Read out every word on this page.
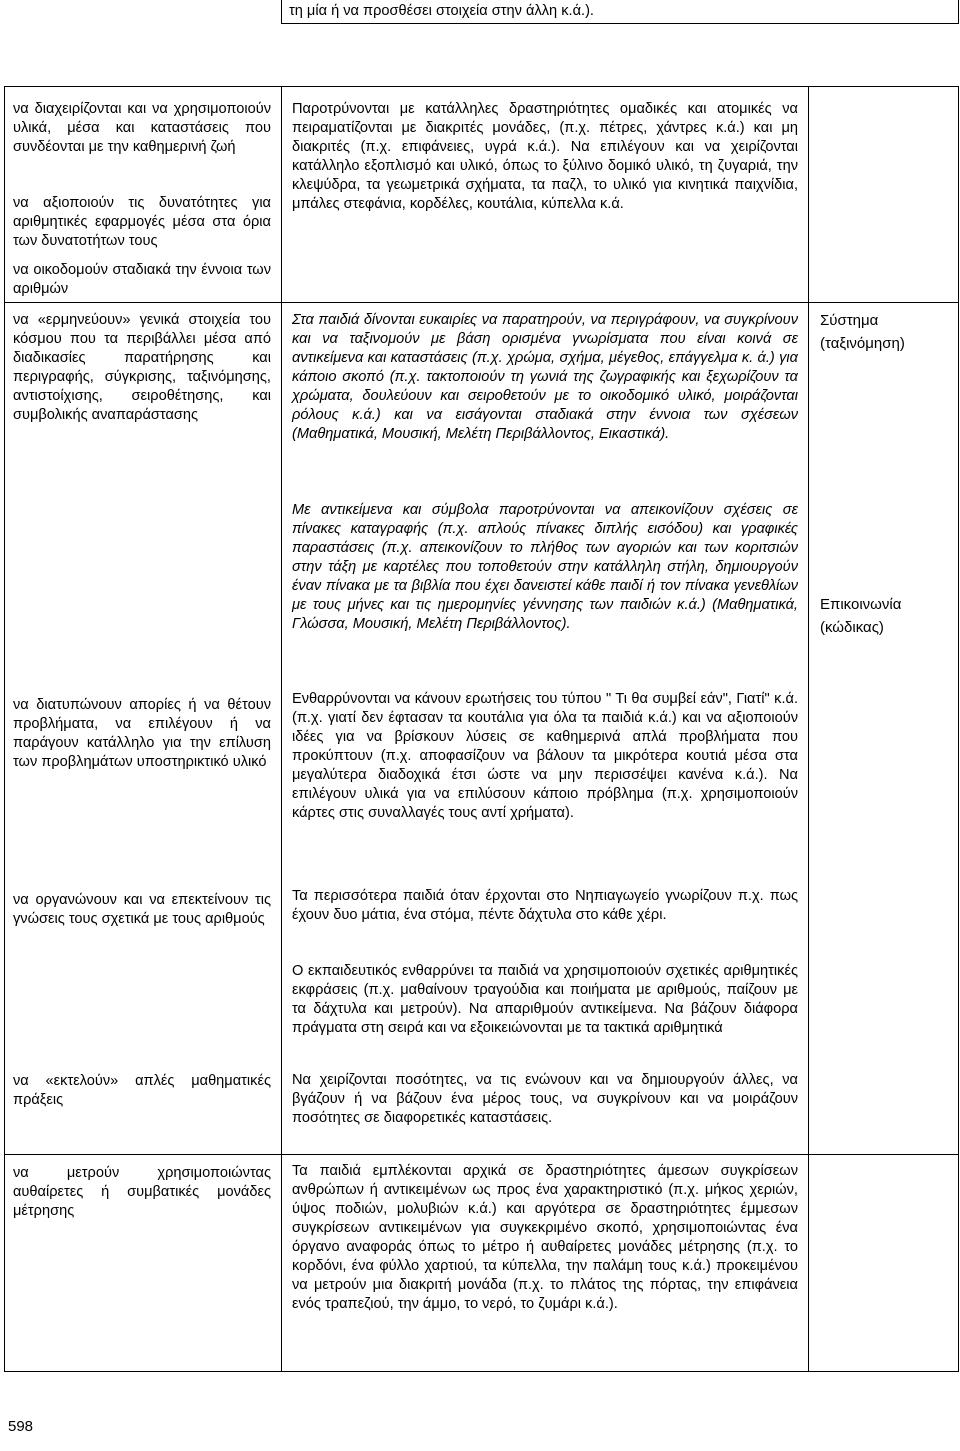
τη μία ή να προσθέσει στοιχεία στην άλλη κ.ά.).
να διαχειρίζονται και να χρησιμοποιούν υλικά, μέσα και καταστάσεις που συνδέονται με την καθημερινή ζωή
να αξιοποιούν τις δυνατότητες για αριθμητικές εφαρμογές μέσα στα όρια των δυνατοτήτων τους
να οικοδομούν σταδιακά την έννοια των αριθμών
να «ερμηνεύουν» γενικά στοιχεία του κόσμου που τα περιβάλλει μέσα από διαδικασίες παρατήρησης και περιγραφής, σύγκρισης, ταξινόμησης, αντιστοίχισης, σειροθέτησης, και συμβολικής αναπαράστασης
να διατυπώνουν απορίες ή να θέτουν προβλήματα, να επιλέγουν ή να παράγουν κατάλληλο για την επίλυση των προβλημάτων υποστηρικτικό υλικό
να οργανώνουν και να επεκτείνουν τις γνώσεις τους σχετικά με τους αριθμούς
να «εκτελούν» απλές μαθηματικές πράξεις
να μετρούν χρησιμοποιώντας αυθαίρετες ή συμβατικές μονάδες μέτρησης
Παροτρύνονται με κατάλληλες δραστηριότητες ομαδικές και ατομικές να πειραματίζονται με διακριτές μονάδες, (π.χ. πέτρες, χάντρες κ.ά.) και μη διακριτές (π.χ. επιφάνειες, υγρά κ.ά.). Να επιλέγουν και να χειρίζονται κατάλληλο εξοπλισμό και υλικό, όπως το ξύλινο δομικό υλικό, τη ζυγαριά, την κλεψύδρα, τα γεωμετρικά σχήματα, τα παζλ, το υλικό για κινητικά παιχνίδια, μπάλες στεφάνια, κορδέλες, κουτάλια, κύπελλα κ.ά.
Στα παιδιά δίνονται ευκαιρίες να παρατηρούν, να περιγράφουν, να συγκρίνουν και να ταξινομούν με βάση ορισμένα γνωρίσματα που είναι κοινά σε αντικείμενα και καταστάσεις (π.χ. χρώμα, σχήμα, μέγεθος, επάγγελμα κ. ά.) για κάποιο σκοπό (π.χ. τακτοποιούν τη γωνιά της ζωγραφικής και ξεχωρίζουν τα χρώματα, δουλεύουν και σειροθετούν με το οικοδομικό υλικό, μοιράζονται ρόλους κ.ά.) και να εισάγονται σταδιακά στην έννοια των σχέσεων (Μαθηματικά, Μουσική, Μελέτη Περιβάλλοντος, Εικαστικά).
Με αντικείμενα και σύμβολα παροτρύνονται να απεικονίζουν σχέσεις σε πίνακες καταγραφής (π.χ. απλούς πίνακες διπλής εισόδου) και γραφικές παραστάσεις (π.χ. απεικονίζουν το πλήθος των αγοριών και των κοριτσιών στην τάξη με καρτέλες που τοποθετούν στην κατάλληλη στήλη, δημιουργούν έναν πίνακα με τα βιβλία που έχει δανειστεί κάθε παιδί ή τον πίνακα γενεθλίων με τους μήνες και τις ημερομηνίες γέννησης των παιδιών κ.ά.) (Μαθηματικά, Γλώσσα, Μουσική, Μελέτη Περιβάλλοντος).
Ενθαρρύνονται να κάνουν ερωτήσεις του τύπου " Τι θα συμβεί εάν", Γιατί" κ.ά. (π.χ. γιατί δεν έφτασαν τα κουτάλια για όλα τα παιδιά κ.ά.) και να αξιοποιούν ιδέες για να βρίσκουν λύσεις σε καθημερινά απλά προβλήματα που προκύπτουν (π.χ. αποφασίζουν να βάλουν τα μικρότερα κουτιά μέσα στα μεγαλύτερα διαδοχικά έτσι ώστε να μην περισσέψει κανένα κ.ά.). Να επιλέγουν υλικά για να επιλύσουν κάποιο πρόβλημα (π.χ. χρησιμοποιούν κάρτες στις συναλλαγές τους αντί χρήματα).
Τα περισσότερα παιδιά όταν έρχονται στο Νηπιαγωγείο γνωρίζουν π.χ. πως έχουν δυο μάτια, ένα στόμα, πέντε δάχτυλα στο κάθε χέρι.
Ο εκπαιδευτικός ενθαρρύνει τα παιδιά να χρησιμοποιούν σχετικές αριθμητικές εκφράσεις (π.χ. μαθαίνουν τραγούδια και ποιήματα με αριθμούς, παίζουν με τα δάχτυλα και μετρούν). Να απαριθμούν αντικείμενα. Να βάζουν διάφορα πράγματα στη σειρά και να εξοικειώνονται με τα τακτικά αριθμητικά
Να χειρίζονται ποσότητες, να τις ενώνουν και να δημιουργούν άλλες, να βγάζουν ή να βάζουν ένα μέρος τους, να συγκρίνουν και να μοιράζουν ποσότητες σε διαφορετικές καταστάσεις.
Τα παιδιά εμπλέκονται αρχικά σε δραστηριότητες άμεσων συγκρίσεων ανθρώπων ή αντικειμένων ως προς ένα χαρακτηριστικό (π.χ. μήκος χεριών, ύψος ποδιών, μολυβιών κ.ά.) και αργότερα σε δραστηριότητες έμμεσων συγκρίσεων αντικειμένων για συγκεκριμένο σκοπό, χρησιμοποιώντας ένα όργανο αναφοράς όπως το μέτρο ή αυθαίρετες μονάδες μέτρησης (π.χ. το κορδόνι, ένα φύλλο χαρτιού, τα κύπελλα, την παλάμη τους κ.ά.) προκειμένου να μετρούν μια διακριτή μονάδα (π.χ. το πλάτος της πόρτας, την επιφάνεια ενός τραπεζιού, την άμμο, το νερό, το ζυμάρι κ.ά.).
Σύστημα (ταξινόμηση)
Επικοινωνία (κώδικας)
598
